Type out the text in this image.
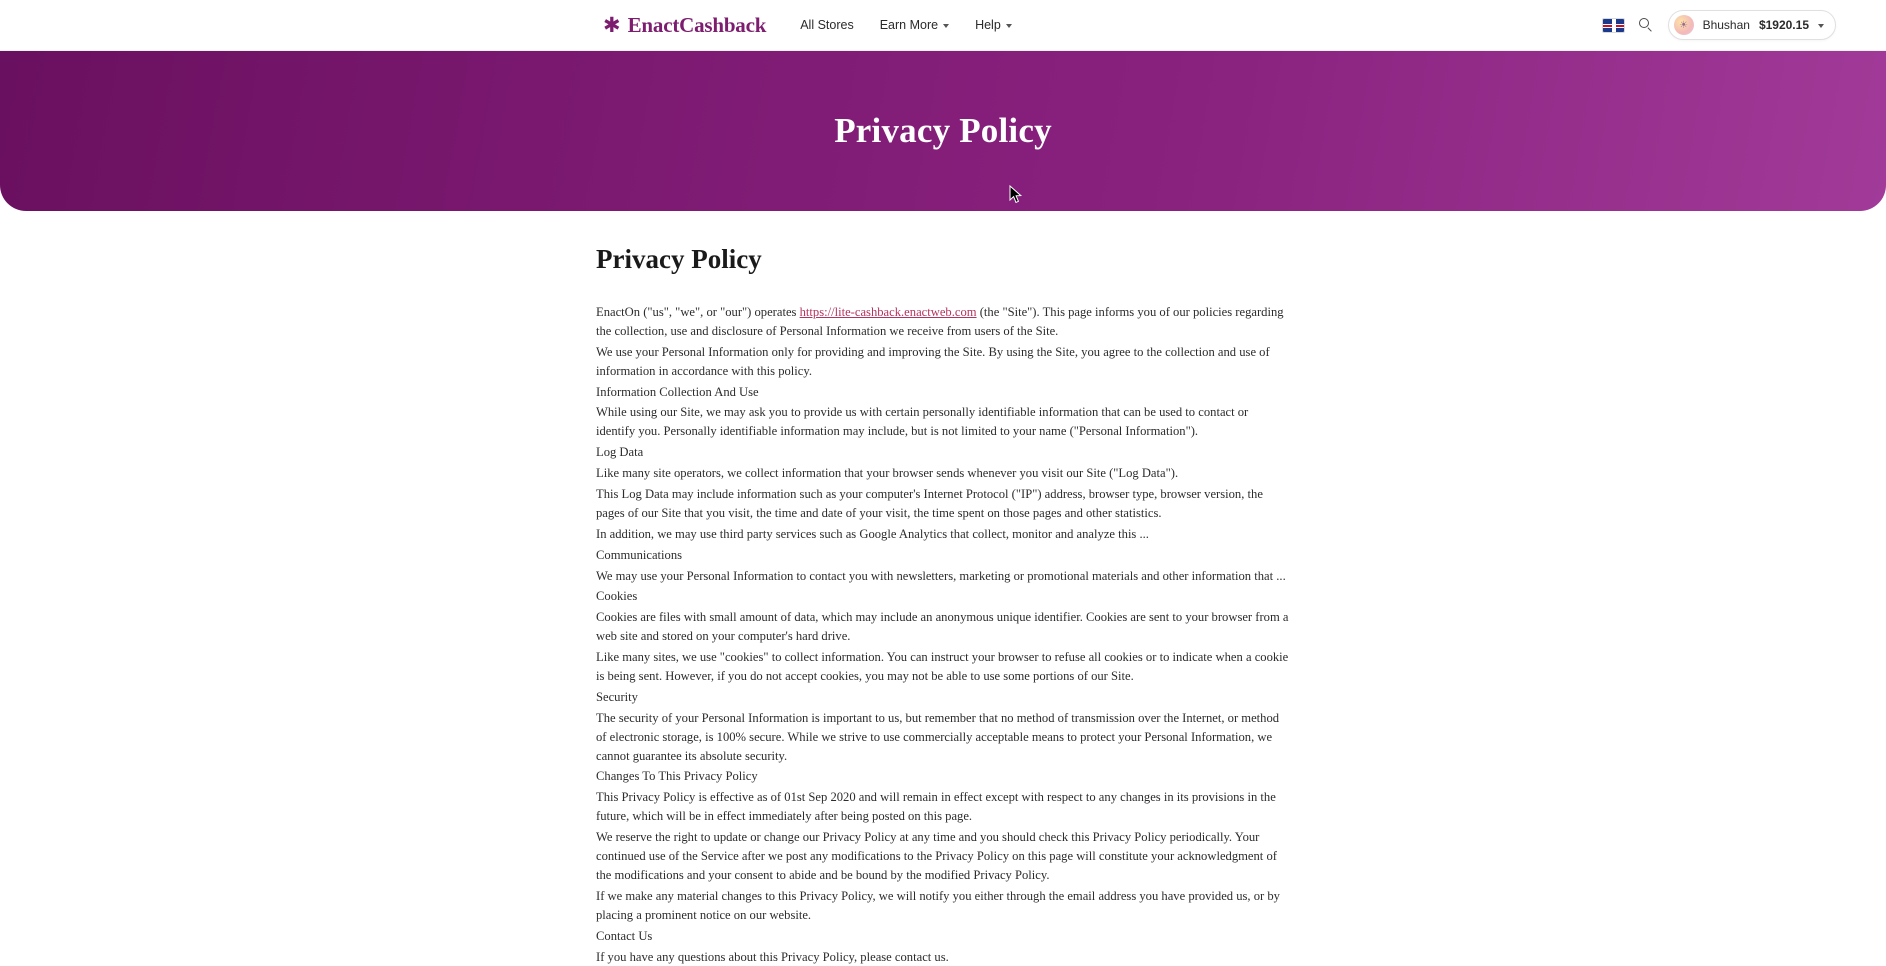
✱ EnactCashback	All Stores Earn More	Help	☀	Bhushan $1920.15
Privacy Policy
Privacy Policy

EnactOn ("us", "we", or "our") operates https://lite-cashback.enactweb.com (the "Site"). This page informs you of our policies regarding the collection, use and disclosure of Personal Information we receive from users of the Site.

We use your Personal Information only for providing and improving the Site. By using the Site, you agree to the collection and use of information in accordance with this policy.

Information Collection And Use

While using our Site, we may ask you to provide us with certain personally identifiable information that can be used to contact or identify you. Personally identifiable information may include, but is not limited to your name ("Personal Information").

Log Data

Like many site operators, we collect information that your browser sends whenever you visit our Site ("Log Data").

This Log Data may include information such as your computer's Internet Protocol ("IP") address, browser type, browser version, the pages of our Site that you visit, the time and date of your visit, the time spent on those pages and other statistics.

In addition, we may use third party services such as Google Analytics that collect, monitor and analyze this ...

Communications

We may use your Personal Information to contact you with newsletters, marketing or promotional materials and other information that ...

Cookies

Cookies are files with small amount of data, which may include an anonymous unique identifier. Cookies are sent to your browser from a web site and stored on your computer's hard drive.

Like many sites, we use "cookies" to collect information. You can instruct your browser to refuse all cookies or to indicate when a cookie is being sent. However, if you do not accept cookies, you may not be able to use some portions of our Site.

Security

The security of your Personal Information is important to us, but remember that no method of transmission over the Internet, or method of electronic storage, is 100% secure. While we strive to use commercially acceptable means to protect your Personal Information, we cannot guarantee its absolute security.

Changes To This Privacy Policy

This Privacy Policy is effective as of 01st Sep 2020 and will remain in effect except with respect to any changes in its provisions in the future, which will be in effect immediately after being posted on this page.

We reserve the right to update or change our Privacy Policy at any time and you should check this Privacy Policy periodically. Your continued use of the Service after we post any modifications to the Privacy Policy on this page will constitute your acknowledgment of the modifications and your consent to abide and be bound by the modified Privacy Policy.

If we make any material changes to this Privacy Policy, we will notify you either through the email address you have provided us, or by placing a prominent notice on our website.

Contact Us

If you have any questions about this Privacy Policy, please contact us.
